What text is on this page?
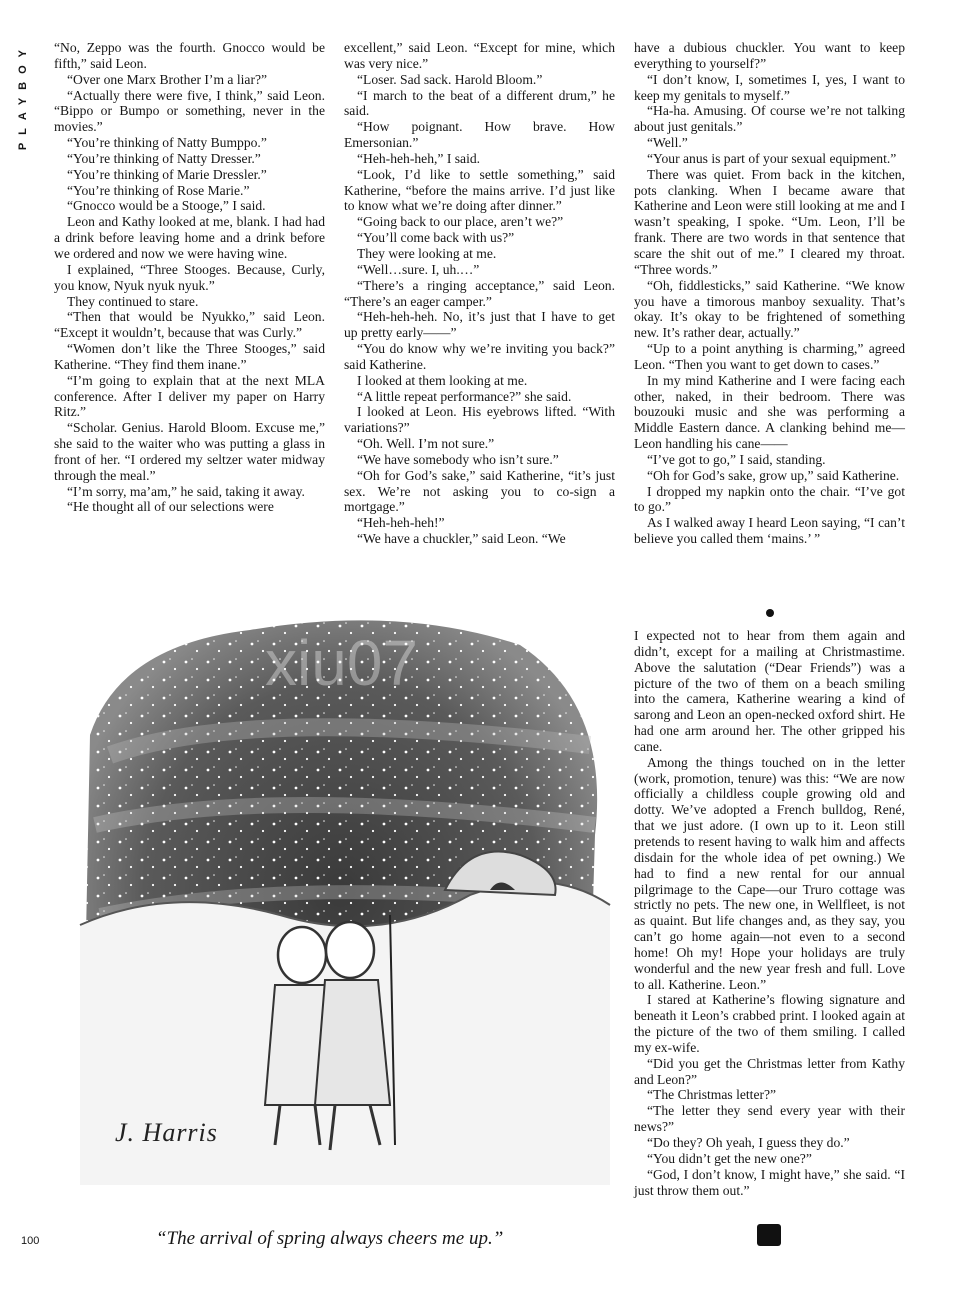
PLAYBOY	“No, Zeppo was the fourth. Gnocco would be fifth,” said Leon.

“Over one Marx Brother I’m a liar?”

“Actually there were five, I think,” said Leon. “Bippo or Bumpo or something, never in the movies.”

“You’re thinking of Natty Bumppo.”

“You’re thinking of Natty Dresser.”

“You’re thinking of Marie Dressler.”

“You’re thinking of Rose Marie.”

“Gnocco would be a Stooge,” I said.

Leon and Kathy looked at me, blank. I had had a drink before leaving home and a drink before we ordered and now we were having wine.

I explained, “Three Stooges. Because, Curly, you know, Nyuk nyuk nyuk.”

They continued to stare.

“Then that would be Nyukko,” said Leon. “Except it wouldn’t, because that was Curly.”

“Women don’t like the Three Stooges,” said Katherine. “They find them inane.”

“I’m going to explain that at the next MLA conference. After I deliver my paper on Harry Ritz.”

“Scholar. Genius. Harold Bloom. Excuse me,” she said to the waiter who was putting a glass in front of her. “I ordered my seltzer water midway through the meal.”

“I’m sorry, ma’am,” he said, taking it away.

“He thought all of our selections were

excellent,” said Leon. “Except for mine, which was very nice.”

“Loser. Sad sack. Harold Bloom.”

“I march to the beat of a different drum,” he said.

“How poignant. How brave. How Emersonian.”

“Heh-heh-heh,” I said.

“Look, I’d like to settle something,” said Katherine, “before the mains arrive. I’d just like to know what we’re doing after dinner.”

“Going back to our place, aren’t we?”

“You’ll come back with us?”

They were looking at me.

“Well…sure. I, uh.…”

“There’s a ringing acceptance,” said Leon. “There’s an eager camper.”

“Heh-heh-heh. No, it’s just that I have to get up pretty early——”

“You do know why we’re inviting you back?” said Katherine.

I looked at them looking at me.

“A little repeat performance?” she said.

I looked at Leon. His eyebrows lifted. “With variations?”

“Oh. Well. I’m not sure.”

“We have somebody who isn’t sure.”

“Oh for God’s sake,” said Katherine, “it’s just sex. We’re not asking you to co-sign a mortgage.”

“Heh-heh-heh!”

“We have a chuckler,” said Leon. “We

have a dubious chuckler. You want to keep everything to yourself?”

“I don’t know, I, sometimes I, yes, I want to keep my genitals to myself.”

“Ha-ha. Amusing. Of course we’re not talking about just genitals.”

“Well.”

“Your anus is part of your sexual equipment.”

There was quiet. From back in the kitchen, pots clanking. When I became aware that Katherine and Leon were still looking at me and I wasn’t speaking, I spoke. “Um. Leon, I’ll be frank. There are two words in that sentence that scare the shit out of me.” I cleared my throat. “Three words.”

“Oh, fiddlesticks,” said Katherine. “We know you have a timorous manboy sexuality. That’s okay. It’s okay to be frightened of something new. It’s rather dear, actually.”

“Up to a point anything is charming,” agreed Leon. “Then you want to get down to cases.”

In my mind Katherine and I were facing each other, naked, in their bedroom. There was bouzouki music and she was performing a Middle Eastern dance. A clanking behind me—Leon handling his cane——

“I’ve got to go,” I said, standing.

“Oh for God’s sake, grow up,” said Katherine.

I dropped my napkin onto the chair. “I’ve got to go.”

As I walked away I heard Leon saying, “I can’t believe you called them ‘mains.’ ”

I expected not to hear from them again and didn’t, except for a mailing at Christmastime. Above the salutation (“Dear Friends”) was a picture of the two of them on a beach smiling into the camera, Katherine wearing a kind of sarong and Leon an open-necked oxford shirt. He had one arm around her. The other gripped his cane.

Among the things touched on in the letter (work, promotion, tenure) was this: “We are now officially a childless couple growing old and dotty. We’ve adopted a French bulldog, René, that we just adore. (I own up to it. Leon still pretends to resent having to walk him and affects disdain for the whole idea of pet owning.) We had to find a new rental for our annual pilgrimage to the Cape—our Truro cottage was strictly no pets. The new one, in Wellfleet, is not as quaint. But life changes and, as they say, you can’t go home again—not even to a second home! Oh my! Hope your holidays are truly wonderful and the new year fresh and full. Love to all. Katherine. Leon.”

I stared at Katherine’s flowing signature and beneath it Leon’s crabbed print. I looked again at the picture of the two of them smiling. I called my ex-wife.

“Did you get the Christmas letter from Kathy and Leon?”

“The Christmas letter?”

“The letter they send every year with their news?”

“Do they? Oh yeah, I guess they do.”

“You didn’t get the new one?”

“God, I don’t know, I might have,” she said. “I just throw them out.”

xiu07
J. Harris
“The arrival of spring always cheers me up.”
100
